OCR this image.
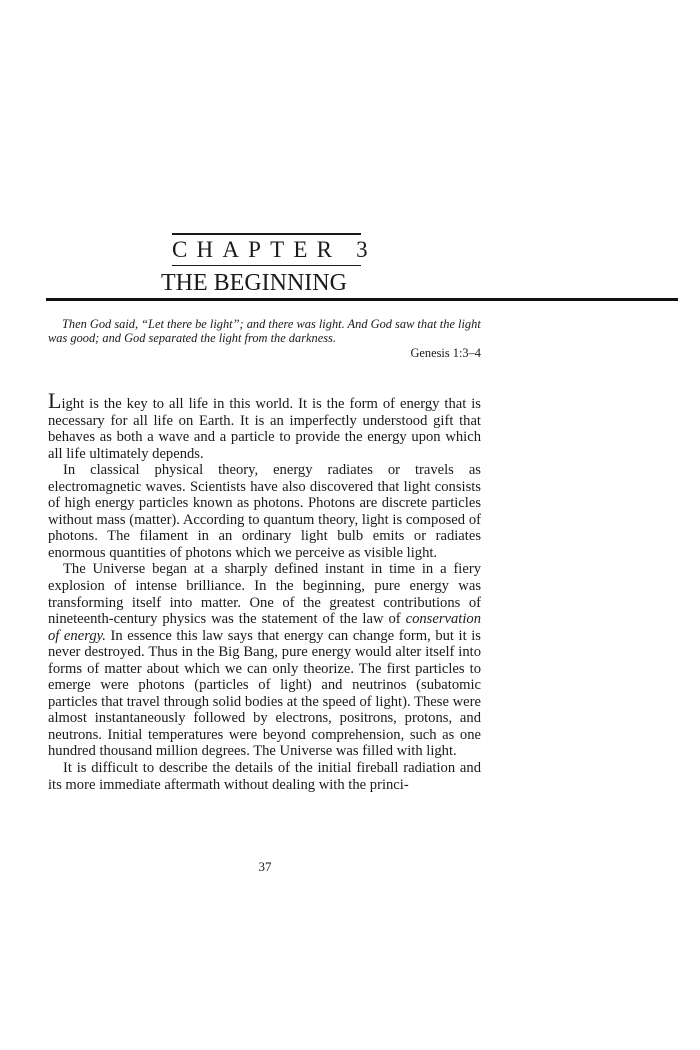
CHAPTER 3
THE BEGINNING
Then God said, “Let there be light”; and there was light. And God saw that the light was good; and God separated the light from the darkness.
Genesis 1:3–4

Light is the key to all life in this world. It is the form of energy that is necessary for all life on Earth. It is an imperfectly understood gift that behaves as both a wave and a particle to provide the energy upon which all life ultimately depends.

In classical physical theory, energy radiates or travels as electromagnetic waves. Scientists have also discovered that light consists of high energy particles known as photons. Photons are discrete particles without mass (matter). According to quantum theory, light is composed of photons. The filament in an ordinary light bulb emits or radiates enormous quantities of photons which we perceive as visible light.

The Universe began at a sharply defined instant in time in a fiery explosion of intense brilliance. In the beginning, pure energy was transforming itself into matter. One of the greatest contributions of nineteenth-century physics was the statement of the law of conservation of energy. In essence this law says that energy can change form, but it is never destroyed. Thus in the Big Bang, pure energy would alter itself into forms of matter about which we can only theorize. The first particles to emerge were photons (particles of light) and neutrinos (subatomic particles that travel through solid bodies at the speed of light). These were almost instantaneously followed by electrons, positrons, protons, and neutrons. Initial temperatures were beyond comprehension, such as one hundred thousand million degrees. The Universe was filled with light.

It is difficult to describe the details of the initial fireball radiation and its more immediate aftermath without dealing with the princi-

37
